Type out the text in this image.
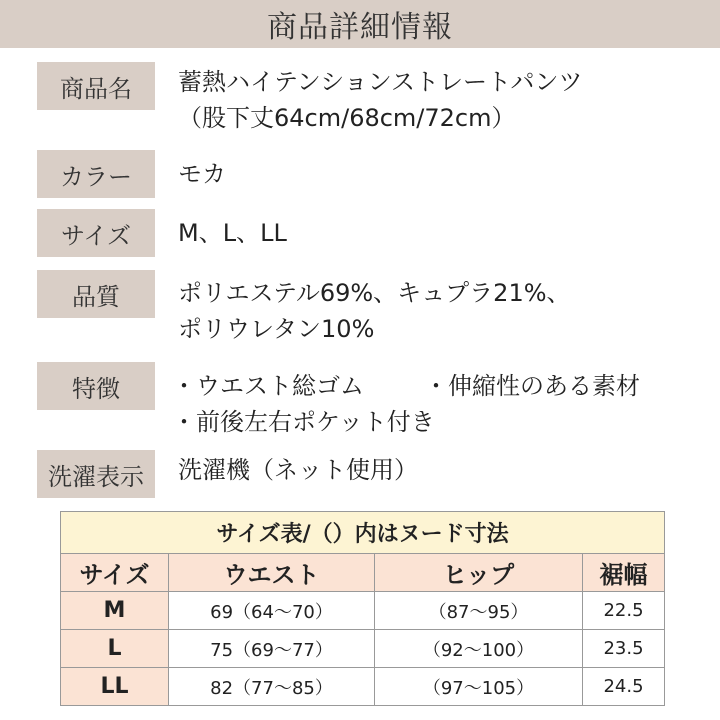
商品詳細情報
商品名	蓄熱ハイテンションストレートパンツ
（股下丈64cm/68cm/72cm）
カラー	モカ
サイズ	M、L、LL
品質	ポリエステル69%、キュプラ21%、
ポリウレタン10%
特徴	・ウエスト総ゴム	・伸縮性のある素材
・前後左右ポケット付き
洗濯表示	洗濯機（ネット使用）
サイズ表/（）内はヌード寸法			
サイズ	ウエスト	ヒップ	裾幅
M	69（64〜70）	（87〜95）	22.5
L	75（69〜77）	（92〜100）	23.5
LL	82（77〜85）	（97〜105）	24.5
